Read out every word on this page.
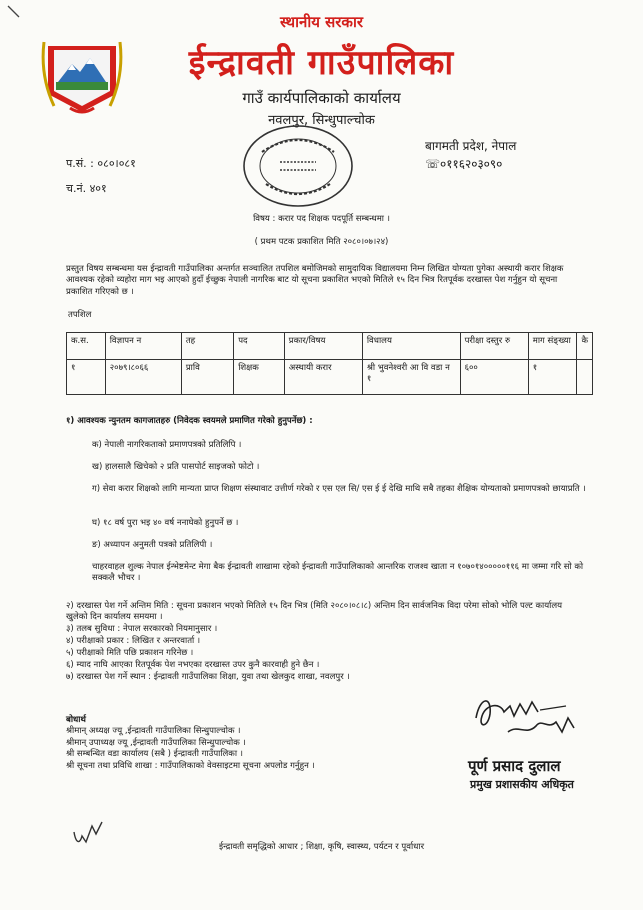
स्थानीय सरकार
ईन्द्रावती गाउँपालिका
गाउँ कार्यपालिकाको कार्यालय
नवलपुर, सिन्धुपाल्चोक
बागमती प्रदेश, नेपाल
☏०११६२०३०९०
प.सं. : ०८०।०८१
च.नं. ४०१
विषय : करार पद शिक्षक पदपूर्ति सम्बन्धमा ।
( प्रथम पटक प्रकाशित मिति २०८०।०७।२४)
प्रस्तुत विषय सम्बन्धमा यस ईन्द्रावती गाउँपालिका अन्तर्गत सञ्चालित तपशिल बमोजिमको सामुदायिक विद्यालयमा निम्न लिखित योग्यता पुगेका अस्थायी करार शिक्षक आवश्यक रहेको व्यहोरा माग भइ आएको हुदाँ ईच्छुक नेपाली नागरिक बाट यो सूचना प्रकाशित भएको मितिले १५ दिन भित्र रितपूर्वक दरखास्त पेश गर्नुहुन यो सूचना प्रकाशित गरिएको छ ।
तपशिल
क.स.	विज्ञापन न	तह	पद	प्रकार/विषय	विधालय	परीक्षा दस्तुर रु	माग संङ्ख्या	कै
१	२०७९।८०६६	प्रावि	शिक्षक	अस्थायी करार	श्री भुवनेश्वरी आ वि वडा न १	६००	१	
१) आवश्यक न्युनतम कागजातहरु (निवेदक स्वयमले प्रमाणित गरेको हुनुपर्नेछ) :
क) नेपाली नागरिकताको प्रमाणपत्रको प्रतिलिपि ।
ख) हालसालै खिचेको २ प्रति पासपोर्ट साइजको फोटो ।
ग) सेवा करार शिक्षको लागि मान्यता प्राप्त शिक्षण संस्थावाट उत्तीर्ण गरेको र एस एल सि/ एस ई ई देखि माथि सबै तहका शैक्षिक योग्यताको प्रमाणपत्रको छायाप्रति ।
घ) १८ वर्ष पुरा भइ ४० वर्ष ननाघेको हुनुपर्ने छ ।
ङ) अध्यापन अनुमती पत्रको प्रतिलिपी ।
चाहरवाहल शुल्क नेपाल ईन्भेष्टमेन्ट मेगा बैक ईन्द्रावती शाखामा रहेको ईन्द्रावती गाउँपालिकाको आन्तरिक राजश्व खाता न १०७०१४०००००११६ मा जम्मा गरि सो को सक्कलै भौचर ।
२) दरखास्त पेश गर्ने अन्तिम मिति : सूचना प्रकाशन भएको मितिले १५ दिन भित्र (मिति २०८०।०८।८) अन्तिम दिन सार्वजनिक विदा परेमा सोको भोलि पल्ट कार्यालय खुलेको दिन कार्यालय समयमा ।
३) तलब सुविधा : नेपाल सरकारको नियमानुसार ।
४) परीक्षाको प्रकार : लिखित र अन्तरवार्ता ।
५) परीक्षाको मिति पछि प्रकाशन गरिनेछ ।
६) म्याद नाघि आएका रितपूर्वक पेश नभएका दरखास्त उपर कुनै कारवाही हुने छैन ।
७) दरखास्त पेश गर्ने स्थान : ईन्द्रावती गाउँपालिका शिक्षा, युवा तथा खेलकुद शाखा, नवलपुर ।
पूर्ण प्रसाद दुलाल
प्रमुख प्रशासकीय अधिकृत
बोधार्थ
श्रीमान् अध्यक्ष ज्यू ,ईन्द्रावती गाउँपालिका सिन्धुपाल्चोक ।
श्रीमान् उपाध्यक्ष ज्यू ,ईन्द्रावती गाउँपालिका सिन्धुपाल्चोक ।
श्री सम्बन्धित वडा कार्यालय (सबै ) ईन्द्रावती गाउँपालिका ।
श्री सूचना तथा प्रविधि शाखा : गाउँपालिकाको वेवसाइटमा सूचना अपलोड गर्नुहुन ।
ईन्द्रावती समृद्धिको आधार ; शिक्षा, कृषि, स्वास्थ्य, पर्यटन र पूर्वाधार
